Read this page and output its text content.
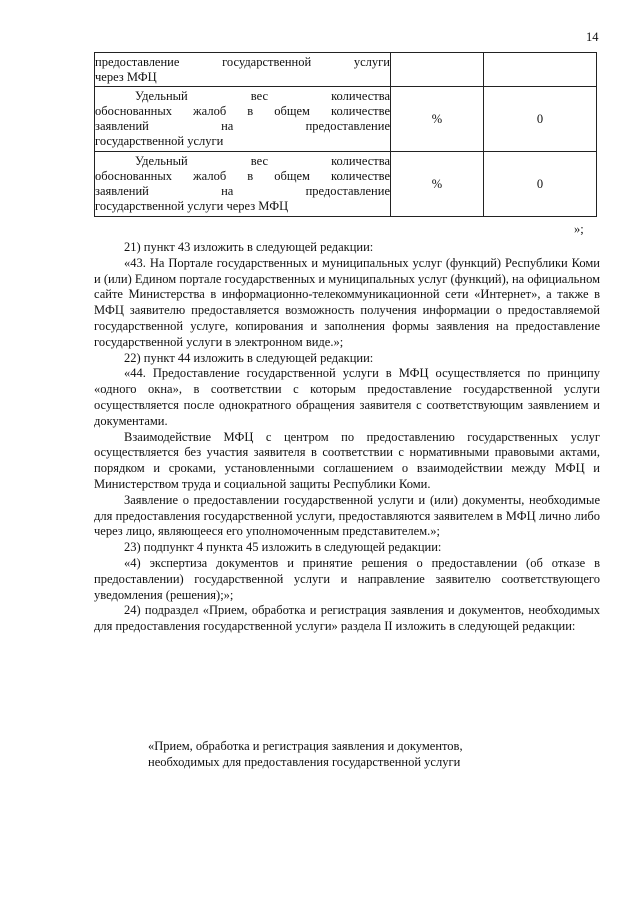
14
предоставление государственной услуги
через МФЦ		

Удельный вес количества
обоснованных жалоб в общем количестве
заявлений на предоставление
государственной услуги	%	0

Удельный вес количества
обоснованных жалоб в общем количестве
заявлений на предоставление
государственной услуги через МФЦ	%	0
»;

21) пункт 43 изложить в следующей редакции:

«43. На Портале государственных и муниципальных услуг (функций) Республики Коми и (или) Едином портале государственных и муниципальных услуг (функций), на официальном сайте Министерства в информационно-телекоммуникационной сети «Интернет», а также в МФЦ заявителю предоставляется возможность получения информации о предоставляемой государственной услуге, копирования и заполнения формы заявления на предоставление государственной услуги в электронном виде.»;

22) пункт 44 изложить в следующей редакции:

«44. Предоставление государственной услуги в МФЦ осуществляется по принципу «одного окна», в соответствии с которым предоставление государственной услуги осуществляется после однократного обращения заявителя с соответствующим заявлением и документами.

Взаимодействие МФЦ с центром по предоставлению государственных услуг осуществляется без участия заявителя в соответствии с нормативными правовыми актами, порядком и сроками, установленными соглашением о взаимодействии между МФЦ и Министерством труда и социальной защиты Республики Коми.

Заявление о предоставлении государственной услуги и (или) документы, необходимые для предоставления государственной услуги, предоставляются заявителем в МФЦ лично либо через лицо, являющееся его уполномоченным представителем.»;

23) подпункт 4 пункта 45 изложить в следующей редакции:

«4) экспертиза документов и принятие решения о предоставлении (об отказе в предоставлении) государственной услуги и направление заявителю соответствующего уведомления (решения);»;

24) подраздел «Прием, обработка и регистрация заявления и документов, необходимых для предоставления государственной услуги» раздела II изложить в следующей редакции:

«Прием, обработка и регистрация заявления и документов,
необходимых для предоставления государственной услуги
